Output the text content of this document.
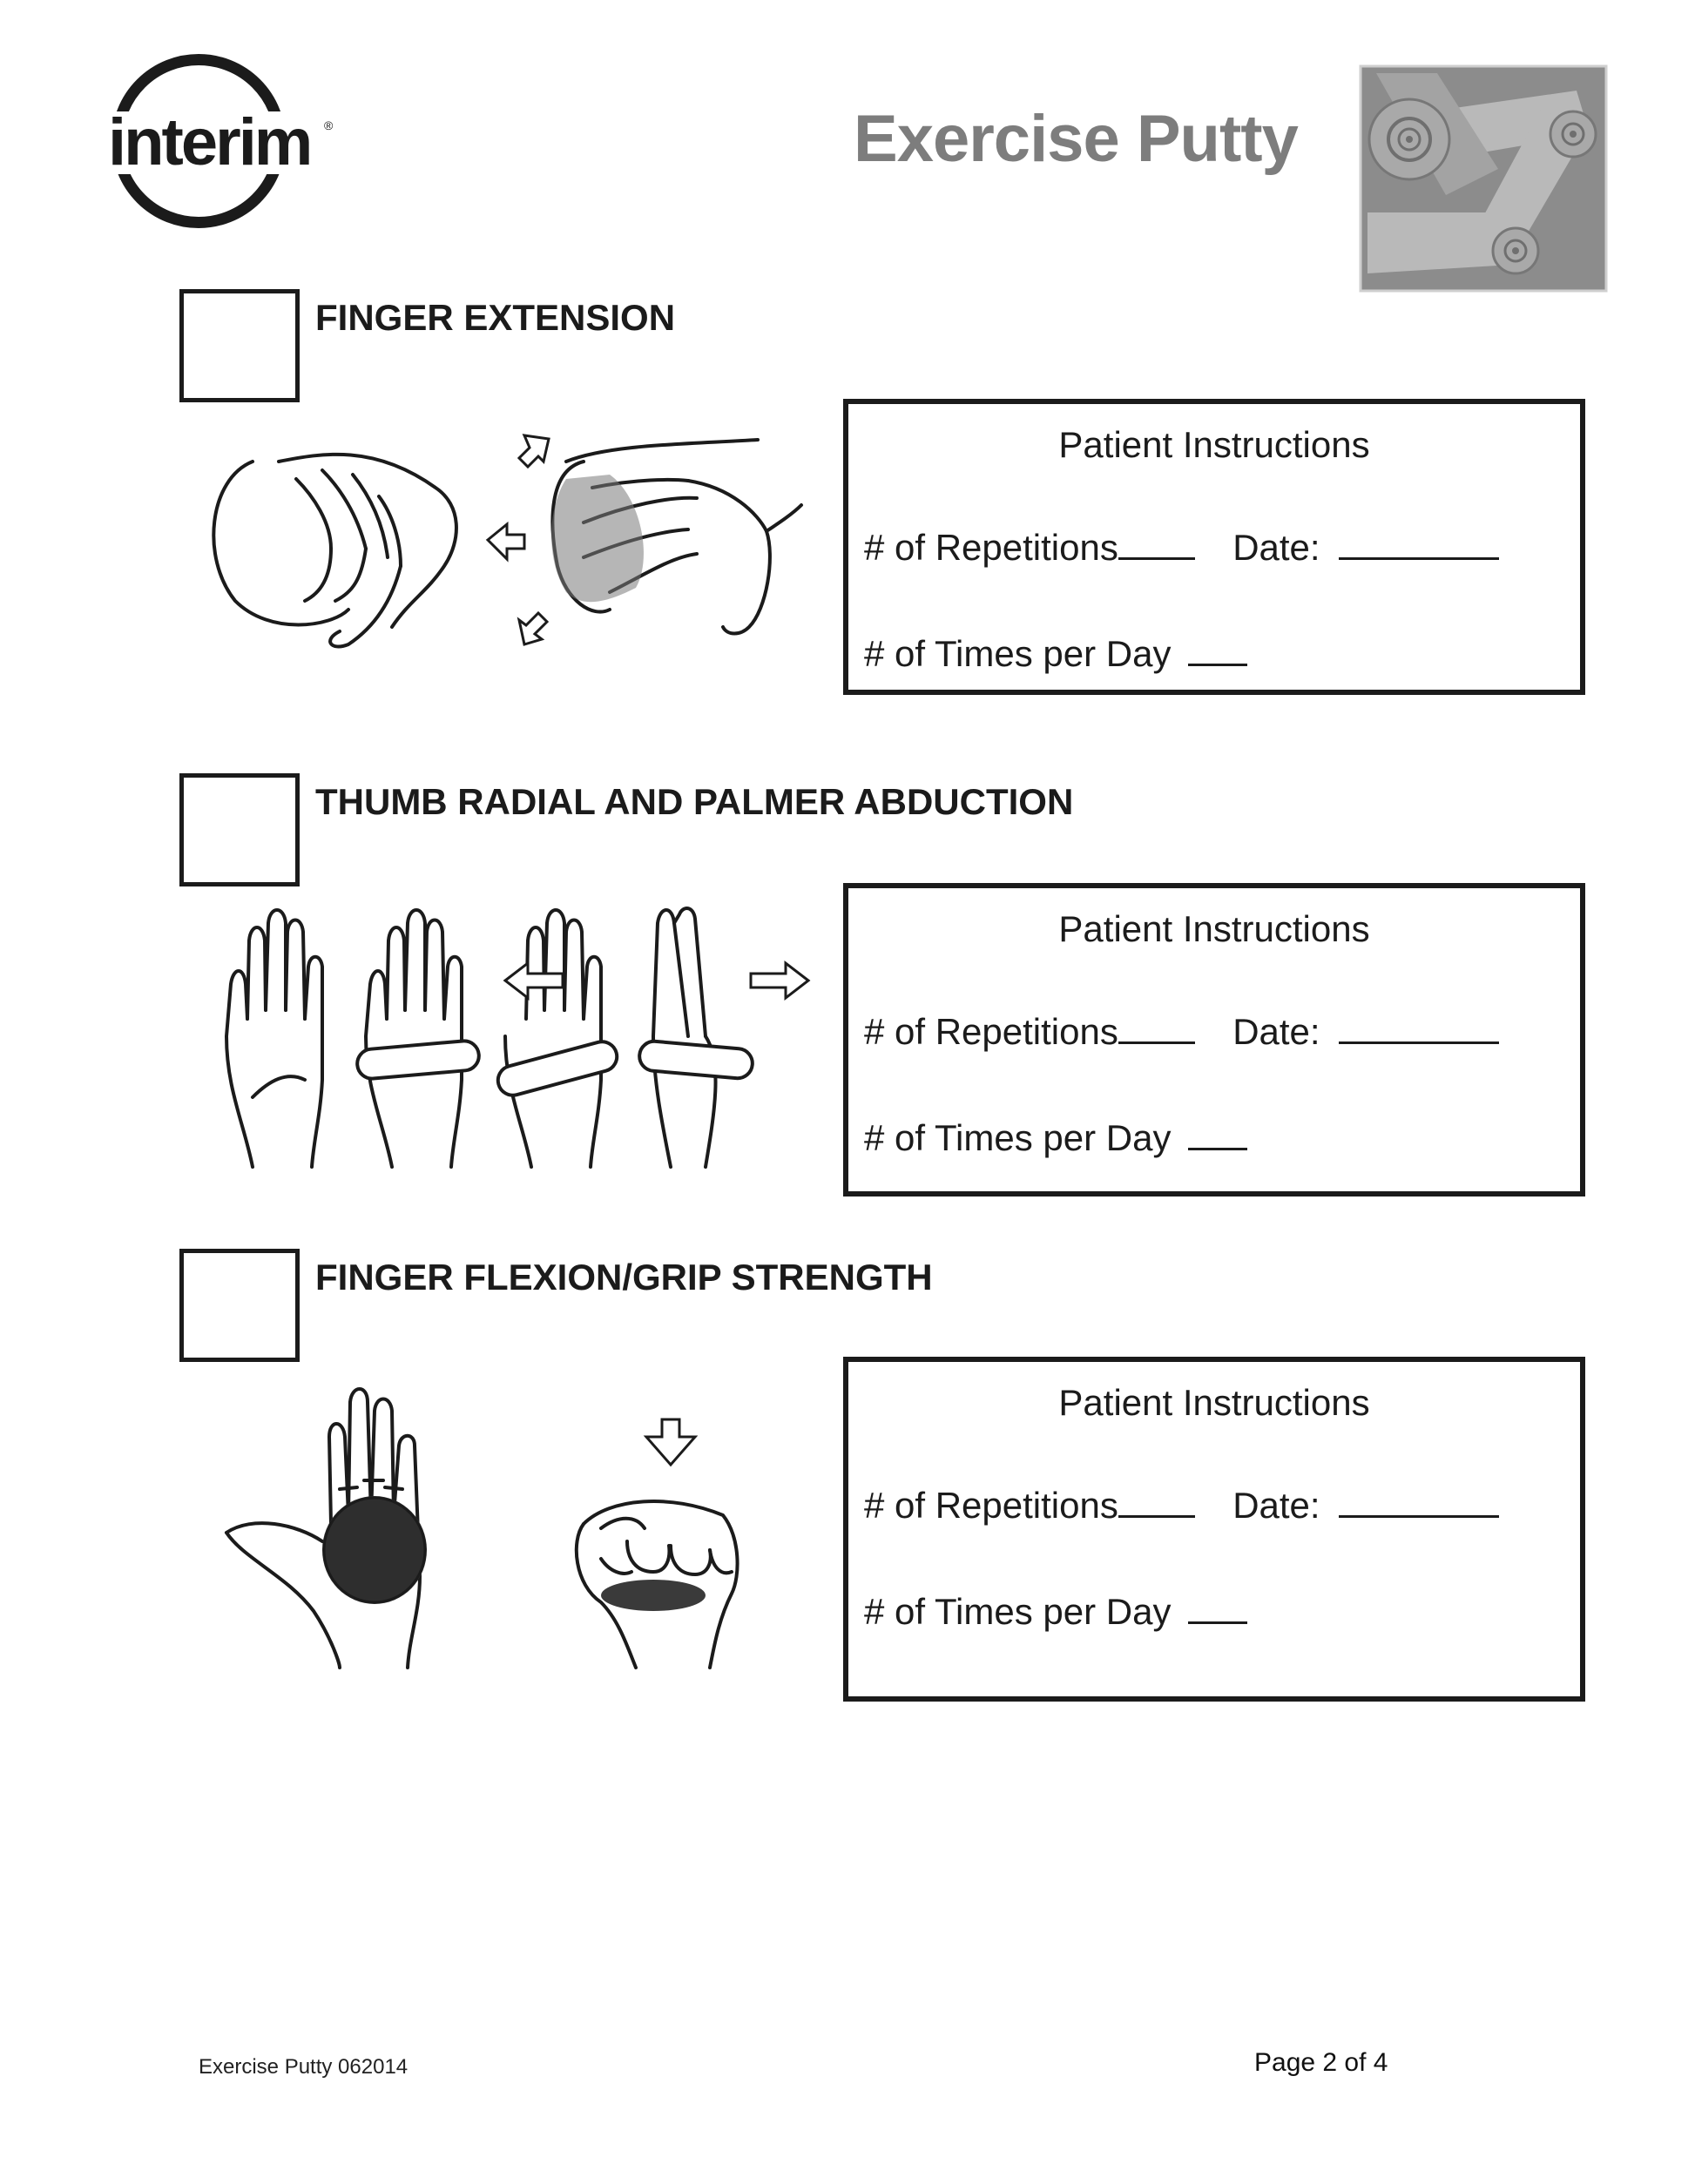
interim ®	Exercise Putty
FINGER EXTENSION
Patient Instructions
# of Repetitions	Date:
# of Times per Day
THUMB RADIAL AND PALMER ABDUCTION
Patient Instructions
# of Repetitions	Date:
# of Times per Day
FINGER FLEXION/GRIP STRENGTH
Patient Instructions
# of Repetitions	Date:
# of Times per Day
Exercise Putty 062014	Page 2 of 4
